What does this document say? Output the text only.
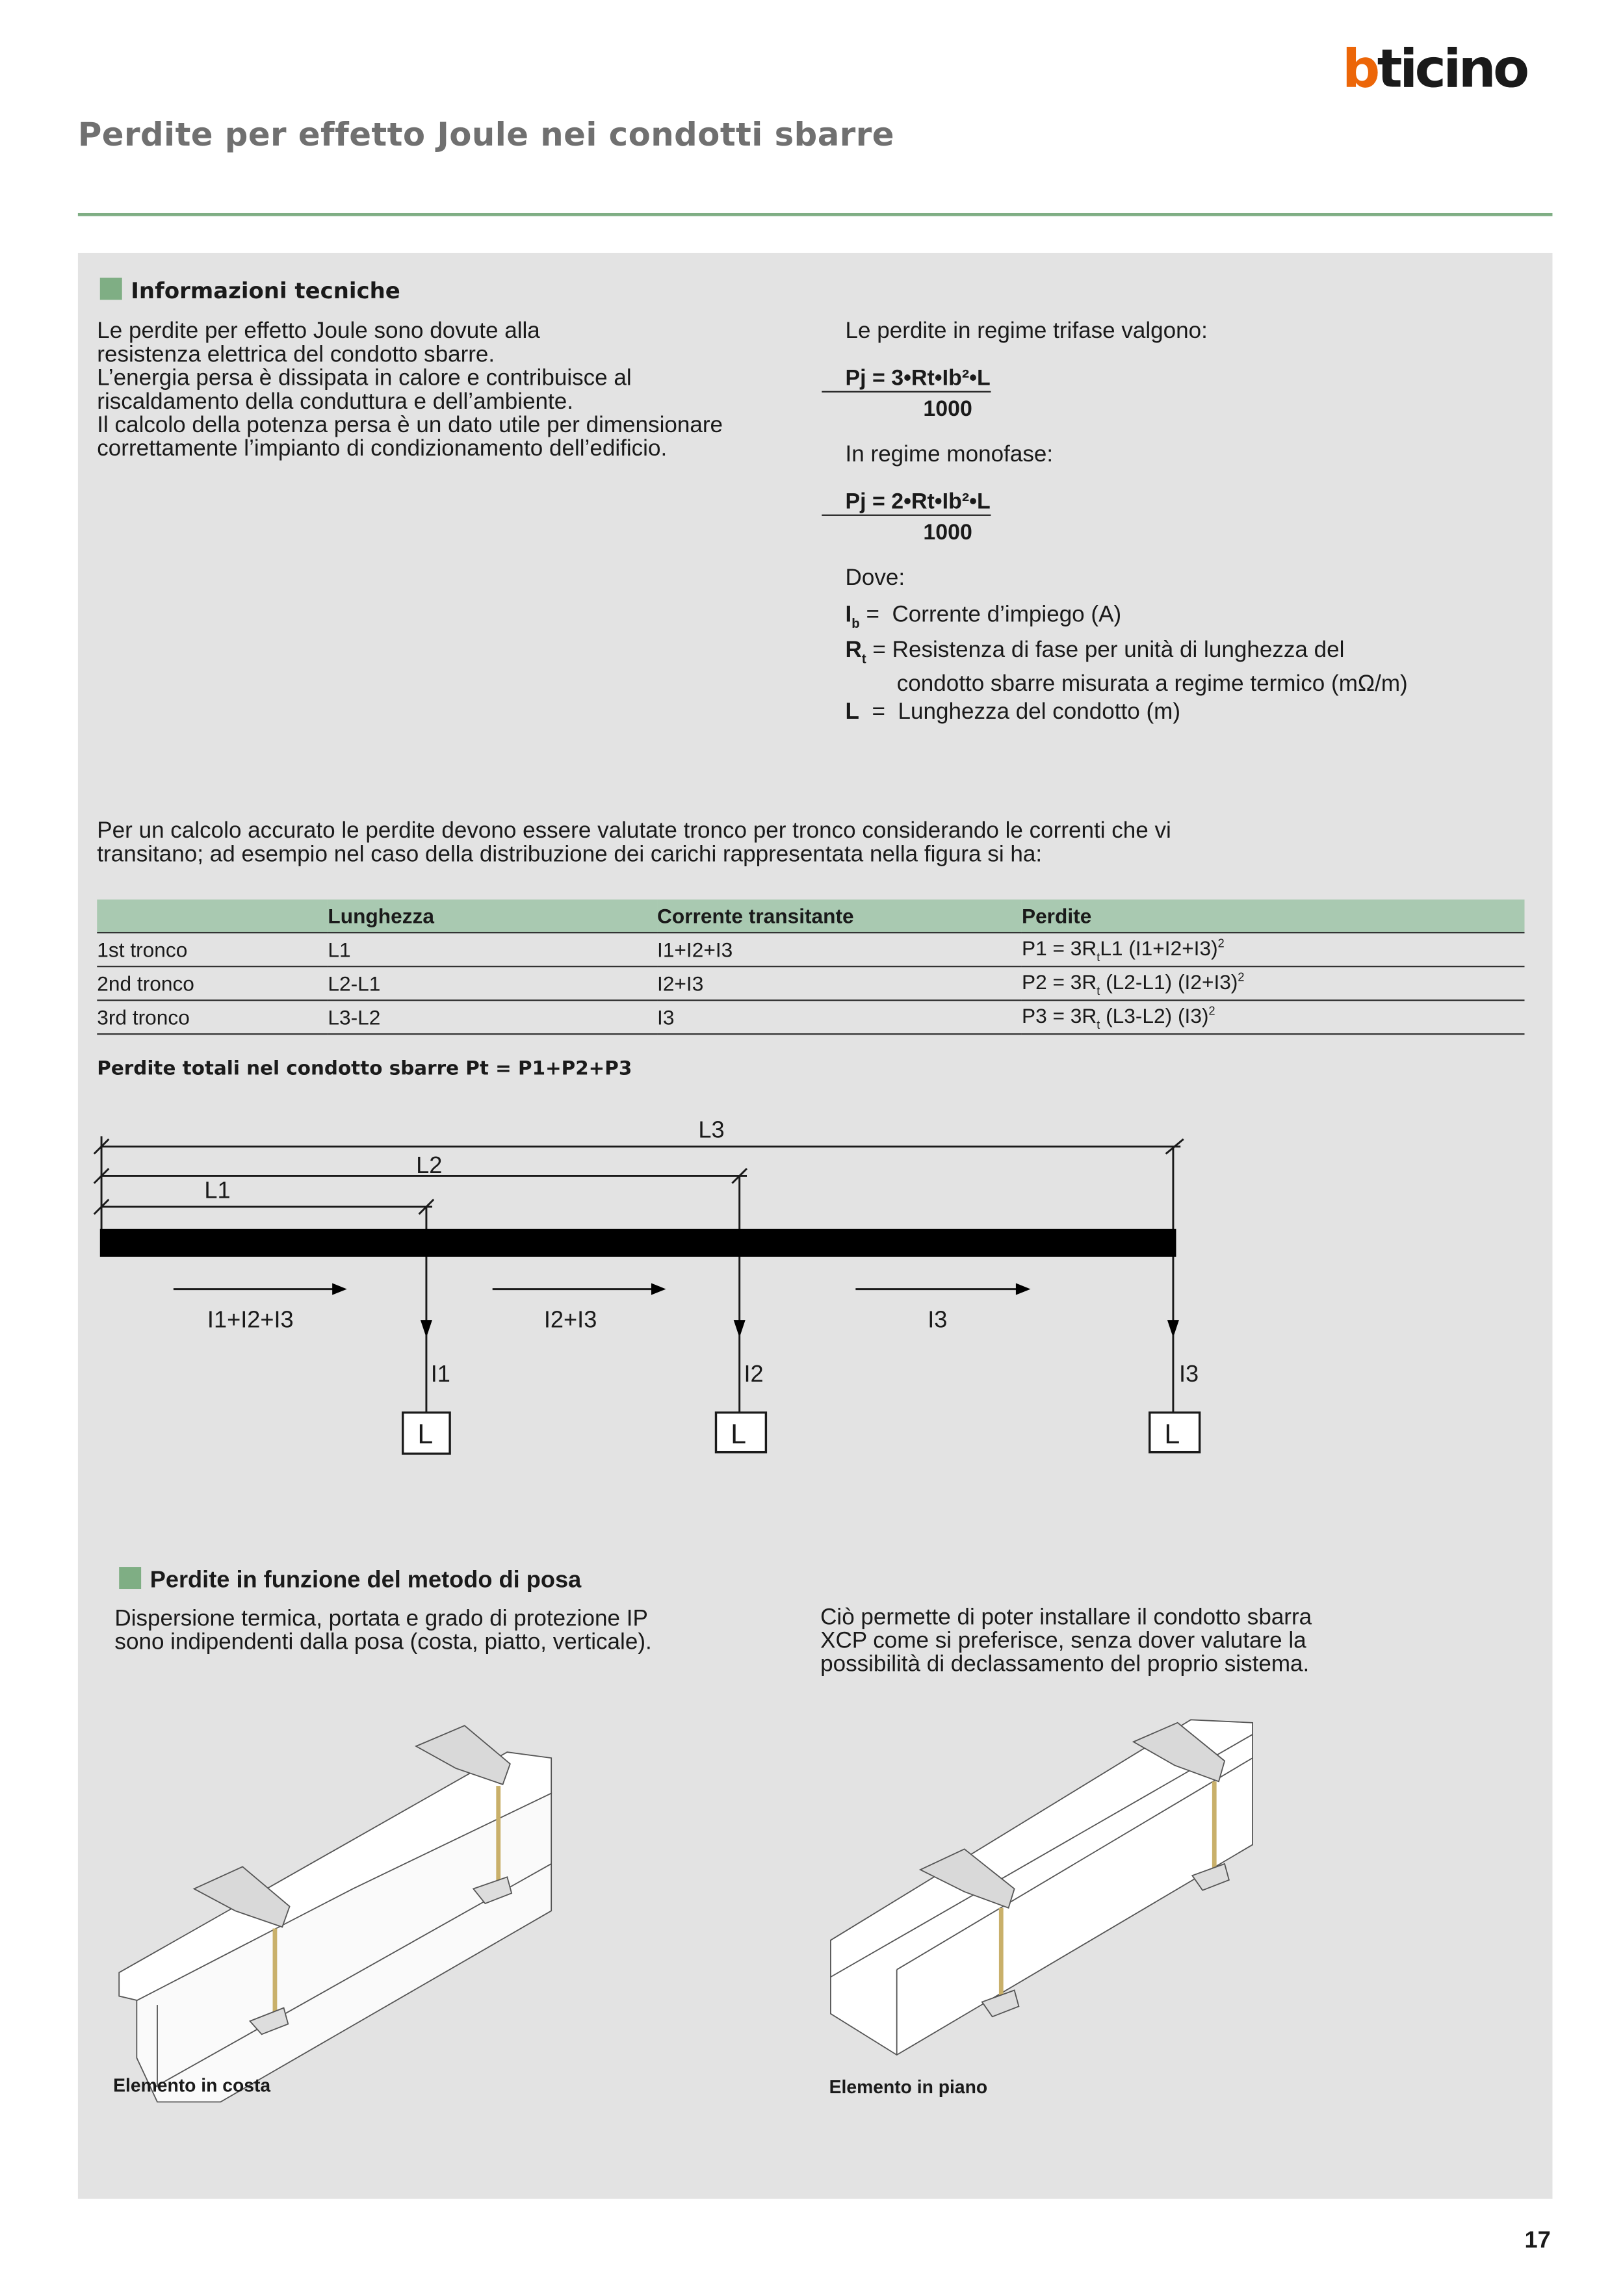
bticino
Perdite per effetto Joule nei condotti sbarre
Informazioni tecniche
Le perdite per effetto Joule sono dovute alla
resistenza elettrica del condotto sbarre.
L’energia persa è dissipata in calore e contribuisce al
riscaldamento della conduttura e dell’ambiente.
Il calcolo della potenza persa è un dato utile per dimensionare
correttamente l’impianto di condizionamento dell’edificio.
Le perdite in regime trifase valgono:
$\frac{\text{Pj = 3•Rt•Ib²•L}}{1000}$
In regime monofase:
$\frac{\text{Pj = 2•Rt•Ib²•L}}{1000}$
Dove:
$I_b$ = Corrente d’impiego (A)
$R_t$ = Resistenza di fase per unità di lunghezza del
condotto sbarre misurata a regime termico (mΩ/m)
L = Lunghezza del condotto (m)
Per un calcolo accurato le perdite devono essere valutate tronco per tronco considerando le correnti che vi
transitano; ad esempio nel caso della distribuzione dei carichi rappresentata nella figura si ha:
	Lunghezza	Corrente transitante	Perdite
1st tronco	L1	I1+I2+I3	$P1 = 3R_tL1$ $(I1+I2+I3)^2$
2nd tronco	L2-L1	I2+I3	$P2 = 3R_t$ (L2-L1) $(I2+I3)^2$
3rd tronco	L3-L2	I3	$P3 = 3R_t$ (L3-L2) $(I3)^2$
Perdite totali nel condotto sbarre Pt = P1+P2+P3
L1
L2
L3
I1+I2+I3	I2+I3	I3
I1	I2	I3
L	L	L
Perdite in funzione del metodo di posa
Dispersione termica, portata e grado di protezione IP
sono indipendenti dalla posa (costa, piatto, verticale).
Ciò permette di poter installare il condotto sbarra
XCP come si preferisce, senza dover valutare la
possibilità di declassamento del proprio sistema.
Elemento in costa	Elemento in piano
17
